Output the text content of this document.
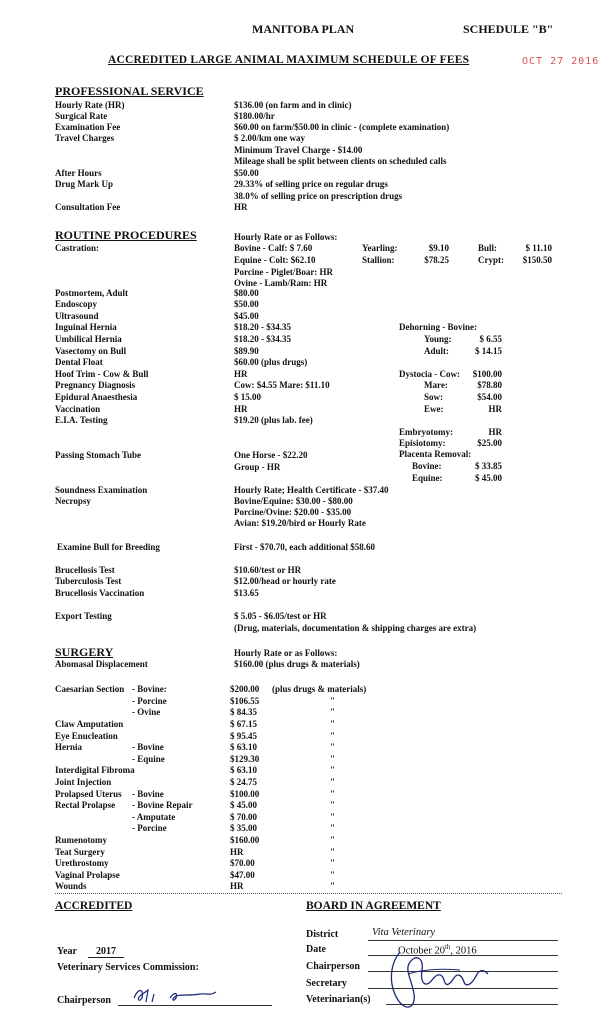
MANITOBA PLAN	SCHEDULE "B"
ACCREDITED LARGE ANIMAL MAXIMUM SCHEDULE OF FEES	OCT 27 2016
PROFESSIONAL SERVICE
Hourly Rate (HR)	$136.00 (on farm and in clinic)
Surgical Rate	$180.00/hr
Examination Fee	$60.00 on farm/$50.00 in clinic - (complete examination)
Travel Charges	$ 2.00/km one way
Minimum Travel Charge - $14.00
Mileage shall be split between clients on scheduled calls
After Hours	$50.00
Drug Mark Up	29.33% of selling price on regular drugs
38.0% of selling price on prescription drugs
Consultation Fee	HR
ROUTINE PROCEDURES	Hourly Rate or as Follows:
Castration:	Bovine - Calf: $ 7.60
Equine - Colt: $62.10
Porcine - Piglet/Boar: HR
Ovine - Lamb/Ram: HR
Yearling:	$9.10	Bull:	$ 11.10
Stallion:	$78.25	Crypt:	$150.50
Postmortem, Adult	$80.00
Endoscopy	$50.00
Ultrasound	$45.00
Inguinal Hernia	$18.20 - $34.35
Umbilical Hernia	$18.20 - $34.35
Vasectomy on Bull	$89.90
Dental Float	$60.00 (plus drugs)
Hoof Trim - Cow & Bull	HR
Pregnancy Diagnosis	Cow: $4.55 Mare: $11.10
Epidural Anaesthesia	$ 15.00
Vaccination	HR
E.I.A. Testing	$19.20 (plus lab. fee)
Dehorning - Bovine:
Young:	$ 6.55
Adult:	$ 14.15
Dystocia - Cow:	$100.00
Mare:	$78.80
Sow:	$54.00
Ewe:	HR
Embryotomy:	HR
Episiotomy:	$25.00
Placenta Removal:
Bovine:	$ 33.85
Equine:	$ 45.00
Passing Stomach Tube	One Horse - $22.20
Group - HR
Soundness Examination	Hourly Rate; Health Certificate - $37.40
Necropsy	Bovine/Equine: $30.00 - $80.00
Porcine/Ovine: $20.00 - $35.00
Avian: $19.20/bird or Hourly Rate
Examine Bull for Breeding	First - $70.70, each additional $58.60
Brucellosis Test	$10.60/test or HR
Tuberculosis Test	$12.00/head or hourly rate
Brucellosis Vaccination	$13.65
Export Testing	$ 5.05 - $6.05/test or HR
(Drug, materials, documentation & shipping charges are extra)
SURGERY	Hourly Rate or as Follows:
Abomasal Displacement	$160.00 (plus drugs & materials)
Caesarian Section - Bovine:	$200.00 (plus drugs & materials)
- Porcine	$106.55	"
- Ovine	$ 84.35	"
Claw Amputation	$ 67.15	"
Eye Enucleation	$ 95.45	"
Hernia	- Bovine	$ 63.10	"
- Equine	$129.30	"
Interdigital Fibroma	$ 63.10	"
Joint Injection	$ 24.75	"
Prolapsed Uterus - Bovine	$100.00	"
Rectal Prolapse - Bovine Repair	$ 45.00	"
- Amputate	$ 70.00	"
- Porcine	$ 35.00	"
Rumenotomy	$160.00	"
Teat Surgery	HR	"
Urethrostomy	$70.00	"
Vaginal Prolapse	$47.00	"
Wounds	HR	"
ACCREDITED	BOARD IN AGREEMENT
Year	2017
Veterinary Services Commission:
Chairperson
District	Vita Veterinary
Date	October 20th, 2016
Chairperson
Secretary
Veterinarian(s)
